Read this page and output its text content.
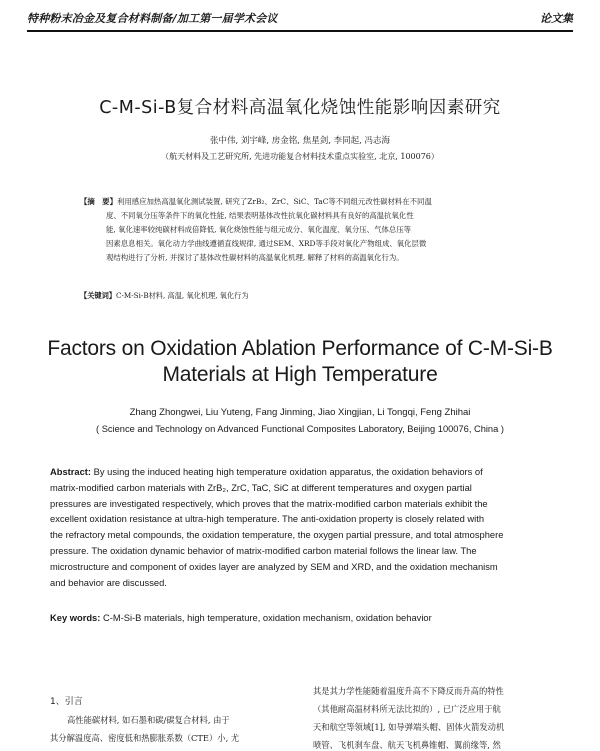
特种粉末冶金及复合材料制备/加工第一届学术会议	论文集
C-M-Si-B复合材料高温氧化烧蚀性能影响因素研究
张中伟, 刘宇峰, 房金铭, 焦星剑, 李同起, 冯志海
（航天材料及工艺研究所, 先进功能复合材料技术重点实验室, 北京, 100076）
【摘　要】利用感应加热高温氧化测试装置, 研究了ZrB₂、ZrC、SiC、TaC等不同组元改性碳材料在不同温
度、不同氧分压等条件下的氧化性能, 结果表明基体改性抗氧化碳材料具有良好的高温抗氧化性
能, 氧化速率较纯碳材料成倍降低, 氧化烧蚀性能与组元成分、氧化温度、氧分压、气体总压等
因素息息相关。氧化动力学曲线遵循直线规律, 通过SEM、XRD等手段对氧化产物组成、氧化层微
观结构进行了分析, 并探讨了基体改性碳材料的高温氧化机理, 解释了材料的高温氧化行为。
【关键词】C-M-Si-B材料, 高温, 氧化机理, 氧化行为
Factors on Oxidation Ablation Performance of C-M-Si-B
Materials at High Temperature
Zhang Zhongwei, Liu Yuteng, Fang Jinming, Jiao Xingjian, Li Tongqi, Feng Zhihai
( Science and Technology on Advanced Functional Composites Laboratory, Beijing 100076, China )
Abstract: By using the induced heating high temperature oxidation apparatus, the oxidation behaviors of
matrix-modified carbon materials with ZrB₂, ZrC, TaC, SiC at different temperatures and oxygen partial
pressures are investigated respectively, which proves that the matrix-modified carbon materials exhibit the
excellent oxidation resistance at ultra-high temperature. The anti-oxidation property is closely related with
the refractory metal compounds, the oxidation temperature, the oxygen partial pressure, and total atmosphere
pressure. The oxidation dynamic behavior of matrix-modified carbon material follows the linear law. The
microstructure and component of oxides layer are analyzed by SEM and XRD, and the oxidation mechanism
and behavior are discussed.
Key words: C-M-Si-B materials, high temperature, oxidation mechanism, oxidation behavior
1、引言
高性能碳材料, 如石墨和碳/碳复合材料, 由于
其分解温度高、密度低和热膨胀系数（CTE）小, 尤
其是其力学性能随着温度升高不下降反而升高的特性
（其他耐高温材料所无法比拟的）, 已广泛应用于航
天和航空等领域[1], 如导弹端头帽、固体火箭发动机
喷管、飞机刹车盘、航天飞机鼻锥帽、翼前缘等, 然
